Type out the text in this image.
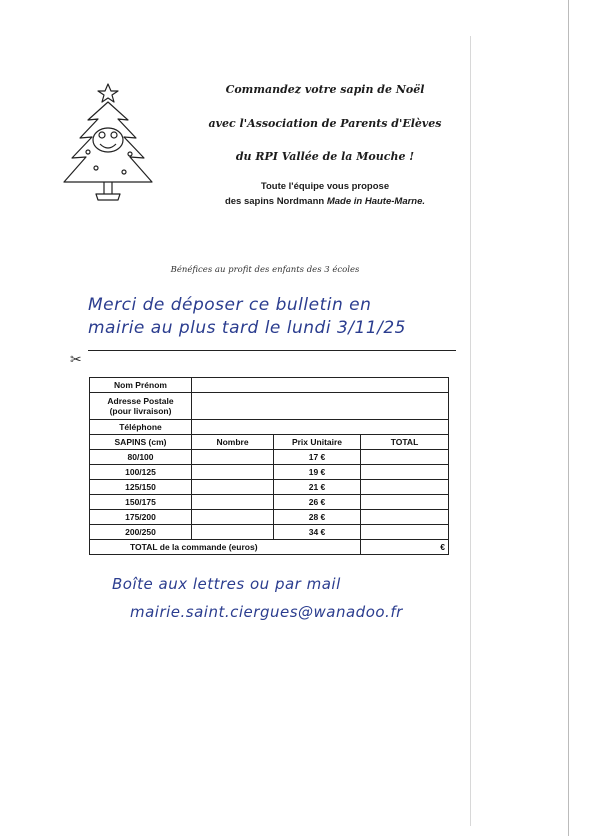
Commandez votre sapin de Noël
avec l'Association de Parents d'Elèves
du RPI Vallée de la Mouche !
Toute l'équipe vous propose
des sapins Nordmann Made in Haute-Marne.
Bénéfices au profit des enfants des 3 écoles
Merci de déposer ce bulletin en
mairie au plus tard le lundi 3/11/25
✂
Nom Prénom			
Adresse Postale
(pour livraison)			
Téléphone			
SAPINS (cm)	Nombre	Prix Unitaire	TOTAL
80/100		17 €	
100/125		19 €	
125/150		21 €	
150/175		26 €	
175/200		28 €	
200/250		34 €	
TOTAL de la commande (euros)			€
Boîte aux lettres ou par mail
mairie.saint.ciergues@wanadoo.fr
